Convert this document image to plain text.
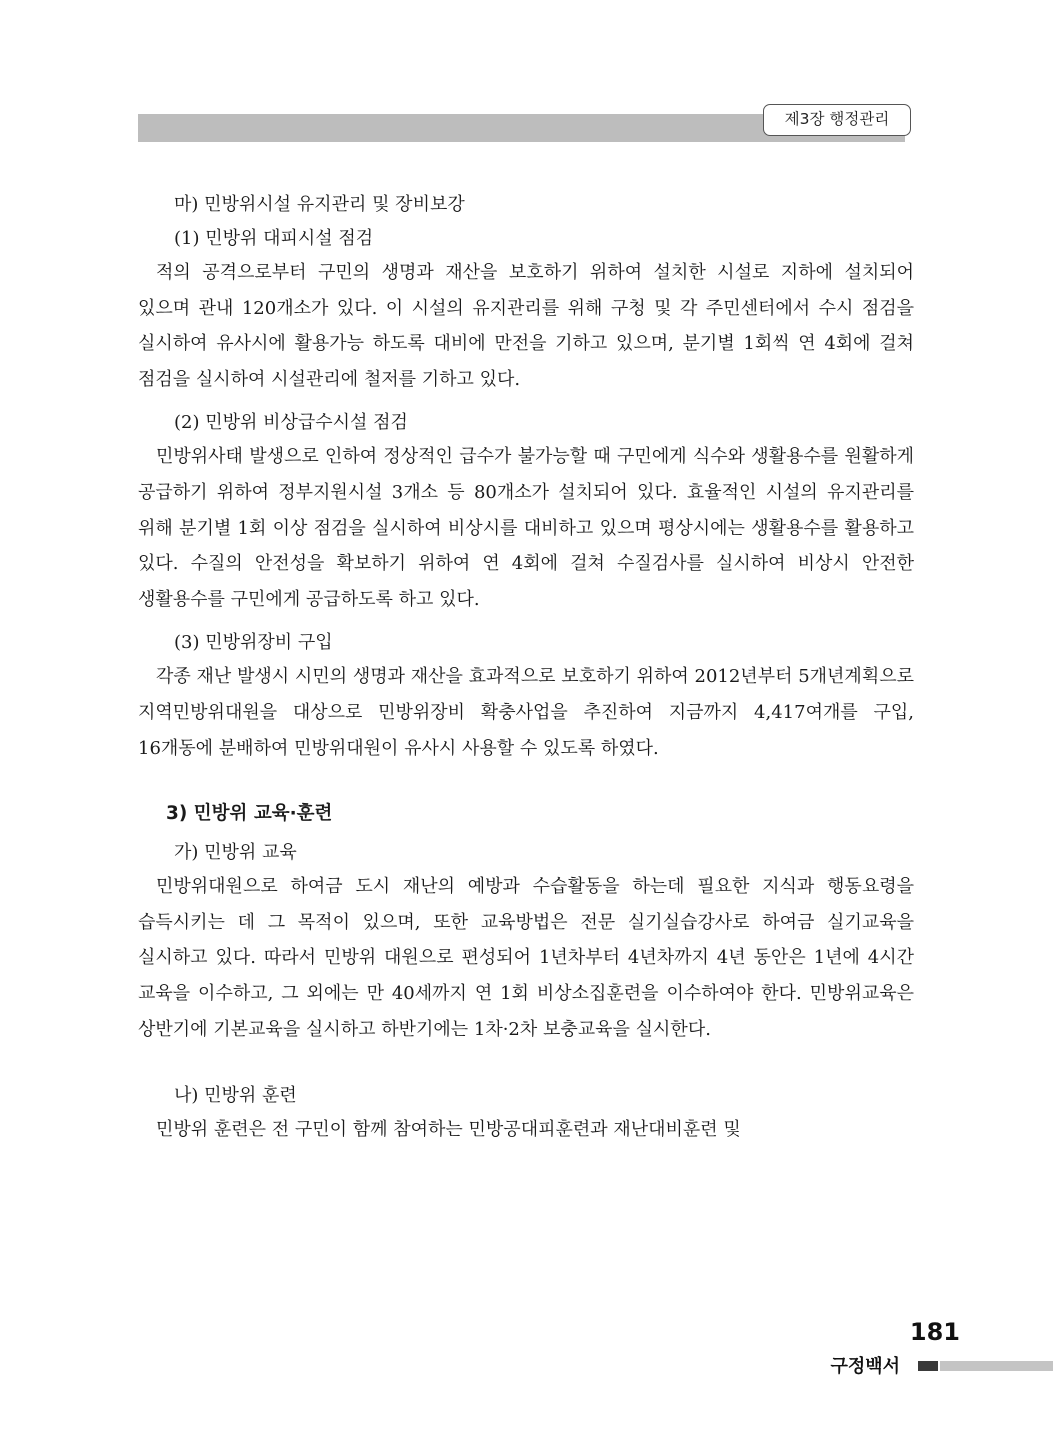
제3장 행정관리

마) 민방위시설 유지관리 및 장비보강

(1) 민방위 대피시설 점검

적의 공격으로부터 구민의 생명과 재산을 보호하기 위하여 설치한 시설로 지하에 설치되어 있으며 관내 120개소가 있다. 이 시설의 유지관리를 위해 구청 및 각 주민센터에서 수시 점검을 실시하여 유사시에 활용가능 하도록 대비에 만전을 기하고 있으며, 분기별 1회씩 연 4회에 걸쳐 점검을 실시하여 시설관리에 철저를 기하고 있다.

(2) 민방위 비상급수시설 점검

민방위사태 발생으로 인하여 정상적인 급수가 불가능할 때 구민에게 식수와 생활용수를 원활하게 공급하기 위하여 정부지원시설 3개소 등 80개소가 설치되어 있다. 효율적인 시설의 유지관리를 위해 분기별 1회 이상 점검을 실시하여 비상시를 대비하고 있으며 평상시에는 생활용수를 활용하고 있다. 수질의 안전성을 확보하기 위하여 연 4회에 걸쳐 수질검사를 실시하여 비상시 안전한 생활용수를 구민에게 공급하도록 하고 있다.

(3) 민방위장비 구입

각종 재난 발생시 시민의 생명과 재산을 효과적으로 보호하기 위하여 2012년부터 5개년계획으로 지역민방위대원을 대상으로 민방위장비 확충사업을 추진하여 지금까지 4,417여개를 구입, 16개동에 분배하여 민방위대원이 유사시 사용할 수 있도록 하였다.

3) 민방위 교육·훈련

가) 민방위 교육

민방위대원으로 하여금 도시 재난의 예방과 수습활동을 하는데 필요한 지식과 행동요령을 습득시키는 데 그 목적이 있으며, 또한 교육방법은 전문 실기실습강사로 하여금 실기교육을 실시하고 있다. 따라서 민방위 대원으로 편성되어 1년차부터 4년차까지 4년 동안은 1년에 4시간 교육을 이수하고, 그 외에는 만 40세까지 연 1회 비상소집훈련을 이수하여야 한다. 민방위교육은 상반기에 기본교육을 실시하고 하반기에는 1차·2차 보충교육을 실시한다.

나) 민방위 훈련

민방위 훈련은 전 구민이 함께 참여하는 민방공대피훈련과 재난대비훈련 및

181
구정백서
